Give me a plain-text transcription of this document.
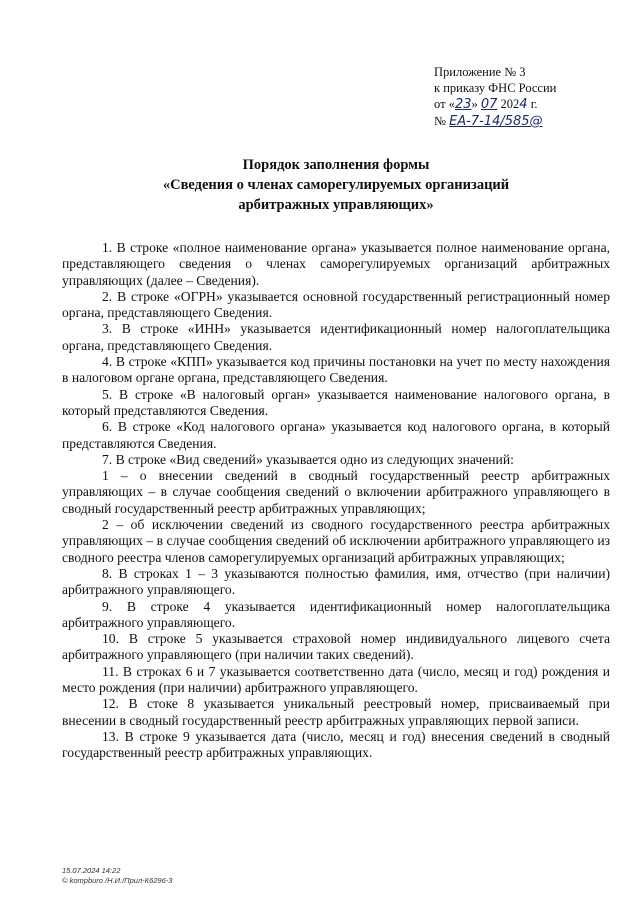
Приложение № 3
к приказу ФНС России
от «23» 07 2024 г.
№ ЕА-7-14/585@
Порядок заполнения формы
«Сведения о членах саморегулируемых организаций
арбитражных управляющих»

1. В строке «полное наименование органа» указывается полное наименование органа, представляющего сведения о членах саморегулируемых организаций арбитражных управляющих (далее – Сведения).

2. В строке «ОГРН» указывается основной государственный регистрационный номер органа, представляющего Сведения.

3. В строке «ИНН» указывается идентификационный номер налогоплательщика органа, представляющего Сведения.

4. В строке «КПП» указывается код причины постановки на учет по месту нахождения в налоговом органе органа, представляющего Сведения.

5. В строке «В налоговый орган» указывается наименование налогового органа, в который представляются Сведения.

6. В строке «Код налогового органа» указывается код налогового органа, в который представляются Сведения.

7. В строке «Вид сведений» указывается одно из следующих значений:

1 – о внесении сведений в сводный государственный реестр арбитражных управляющих – в случае сообщения сведений о включении арбитражного управляющего в сводный государственный реестр арбитражных управляющих;

2 – об исключении сведений из сводного государственного реестра арбитражных управляющих – в случае сообщения сведений об исключении арбитражного управляющего из сводного реестра членов саморегулируемых организаций арбитражных управляющих;

8. В строках 1 – 3 указываются полностью фамилия, имя, отчество (при наличии) арбитражного управляющего.

9. В строке 4 указывается идентификационный номер налогоплательщика арбитражного управляющего.

10. В строке 5 указывается страховой номер индивидуального лицевого счета арбитражного управляющего (при наличии таких сведений).

11. В строках 6 и 7 указывается соответственно дата (число, месяц и год) рождения и место рождения (при наличии) арбитражного управляющего.

12. В стоке 8 указывается уникальный реестровый номер, присваиваемый при внесении в сводный государственный реестр арбитражных управляющих первой записи.

13. В строке 9 указывается дата (число, месяц и год) внесения сведений в сводный государственный реестр арбитражных управляющих.

15.07.2024 14:22
© kompburo /Н.И./Прил-К6296-3
